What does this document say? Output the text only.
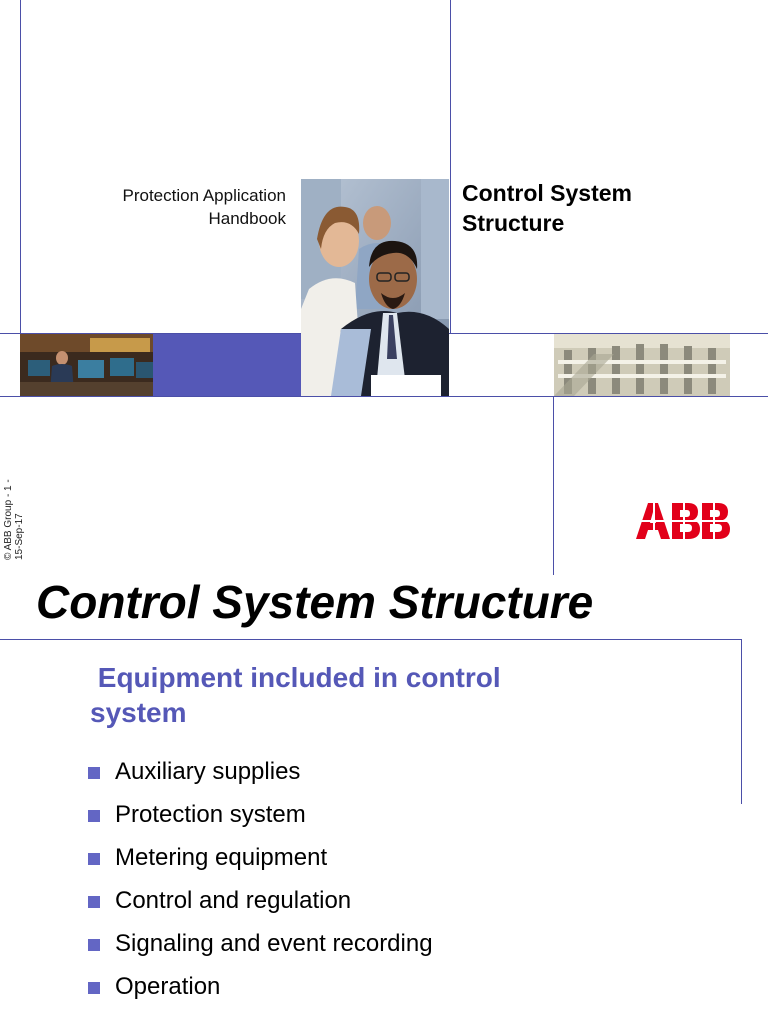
Protection Application
Handbook
Control System
Structure
© ABB Group - 1 - 15-Sep-17
Control System Structure
Equipment included in control system
Auxiliary supplies
Protection system
Metering equipment
Control and regulation
Signaling and event recording
Operation
